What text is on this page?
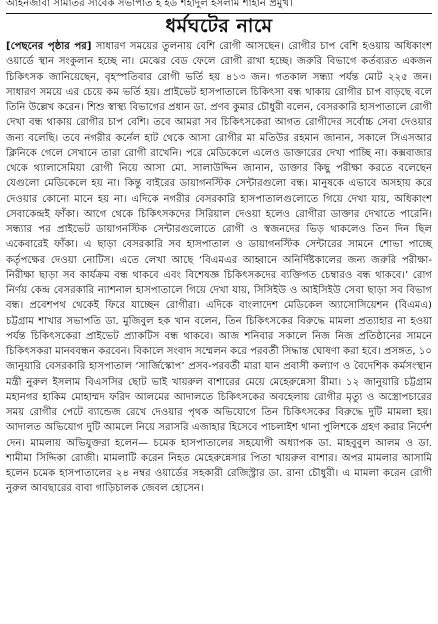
আহনজাবা সামাতর সাবেক সভাপাত হ হড শহাদুল হসলাম শাহান প্রমুখ।
ধর্মঘটের নামে
[পেছনের পৃষ্ঠার পর] সাধারণ সময়ের তুলনায় বেশি রোগী আসছেন। রোগীর চাপ বেশি হওয়ায় অধিকাংশ ওয়ার্ডে স্থান সংকুলান হচ্ছে না। মেঝের বেড ফেলে রোগী রাখা হচ্ছে। জরুরি বিভাগে কর্তব্যরত একজন চিকিৎসক জানিয়েছেন, বৃহস্পতিবার রোগী ভর্তি হয় ৪১৩ জন। গতকাল সন্ধ্যা পর্যন্ত মোট ২২৫ জন। সাধারণ সময়ে এর চেয়ে কম ভর্তি হয়। প্রাইভেট হাসপাতালে চিকিৎসা বন্ধ থাকায় রোগীর চাপ বাড়ছে বলে তিনি উল্লেখ করেন। শিশু স্বাস্থ্য বিভাগের প্রধান ডা. প্রণব কুমার চৌধুরী বলেন, বেসরকারি হাসপাতালে রোগী দেখা বন্ধ থাকায় রোগীর চাপ বেশি। তবে আমরা সব চিকিৎসকেরা আগত রোগীদের সর্বোচ্চ সেবা দেওয়ার জন্য বলেছি। তবে নগরীর কর্নেল হাট থেকে আসা রোগীর মা মতিউর রহমান জানান, সকালে সিএসআর ক্লিনিকে গেলে সেখানে তারা রোগী রাখেনি। পরে মেডিকেলে এলেও ডাক্তারের দেখা পাচ্ছি না। কক্সবাজার থেকে থ্যালাসেমিয়া রোগী নিয়ে আসা মো. সালাউদ্দিন জানান, ডাক্তার কিছু পরীক্ষা করতে বলেছেন যেগুলো মেডিকেলে হয় না। কিন্তু বাইরের ডায়াগনস্টিক সেন্টারগুলো বন্ধ। মানুষকে এভাবে অসহায় করে দেওয়ার কোনো মানে হয় না। এদিকে নগরীর বেসরকারি হাসপাতালগুলোতে গিয়ে দেখা যায়, অধিকাংশ সেবাকেন্দ্রই ফাঁকা। আগে থেকে চিকিৎসকদের সিরিয়াল দেওয়া হলেও রোগীরা ডাক্তার দেখাতে পারেনি। সন্ধ্যার পর প্রাইভেট ডায়াগনস্টিক সেন্টারগুলোতে রোগী ও স্বজনদের ভিড় থাকলেও তিন দিন ছিল একেবারেই ফাঁকা। এ ছাড়া বেসরকারি সব হাসপাতাল ও ডায়াগনস্টিক সেন্টারের সামনে শোভা পাচ্ছে কর্তৃপক্ষের দেওয়া নোটিস। এতে লেখা আছে ‘বিএমএর আহ্বানে অনির্দিষ্টকালের জন্য জরুরি পরীক্ষা-নিরীক্ষা ছাড়া সব কার্যক্রম বন্ধ থাকবে এবং বিশেষজ্ঞ চিকিৎসকদের ব্যক্তিগত চেম্বারও বন্ধ থাকবে।’ রোগ নির্ণয় কেন্দ্র বেসরকারি ন্যাশনাল হাসপাতালে গিয়ে দেখা যায়, সিসিইউ ও আইসিইউ সেবা ছাড়া সব বিভাগ বন্ধ। প্রবেশপথ থেকেই ফিরে যাচ্ছেন রোগীরা। এদিকে বাংলাদেশ মেডিকেল অ্যাসোসিয়েশন (বিএমএ) চট্টগ্রাম শাখার সভাপতি ডা. মুজিবুল হক খান বলেন, তিন চিকিৎসকের বিরুদ্ধে মামলা প্রত্যাহার না হওয়া পর্যন্ত চিকিৎসকেরা প্রাইভেট প্র্যাকটিস বন্ধ থাকবে। আজ শনিবার সকালে নিজ নিজ প্রতিষ্ঠানের সামনে চিকিৎসকরা মানববন্ধন করবেন। বিকালে সংবাদ সম্মেলন করে পরবর্তী সিদ্ধান্ত ঘোষণা করা হবে। প্রসঙ্গত, ১০ জানুয়ারি বেসরকারি হাসপাতাল ‘সার্জিস্কোপ’ প্রসব-পরবর্তী মারা যান প্রবাসী কল্যাণ ও বৈদেশিক কর্মসংস্থান মন্ত্রী নুরুল ইসলাম বিএসসির ছোট ভাই খায়রুল বাশারের মেয়ে মেহেরুন্নেসা রীমা। ১২ জানুয়ারি চট্টগ্রাম মহানগর হাকিম মোহাম্মদ ফরিদ আলমের আদালতে চিকিৎসকের অবহেলায় রোগীর মৃত্যু ও অস্ত্রোপচারের সময় রোগীর পেটে ব্যান্ডেজ রেখে দেওয়ার পৃথক অভিযোগে তিন চিকিৎসকের বিরুদ্ধে দুটি মামলা হয়। আদালত অভিযোগ দুটি আমলে নিয়ে সরাসরি এজাহার হিসেবে পাচলাইশ থানা পুলিশকে গ্রহণ করার নির্দেশ দেন। মামলায় অভিযুক্তরা হলেন— চমেক হাসপাতালের সহযোগী অধ্যাপক ডা. মাহবুবুল আলম ও ডা. শামীমা সিদ্দিকা রোজী। মামলাটি করেন নিহত মেহেরুন্নেসার পিতা খায়রুল বাশার। অপর মামলার আসামি হলেন চমেক হাসপাতালের ২৪ নম্বর ওয়ার্ডের সহকারী রেজিস্ট্রার ডা. রানা চৌধুরী। এ মামলা করেন রোগী নুরুল আবছারের বাবা গাড়িচালক জেবল হোসেন।
